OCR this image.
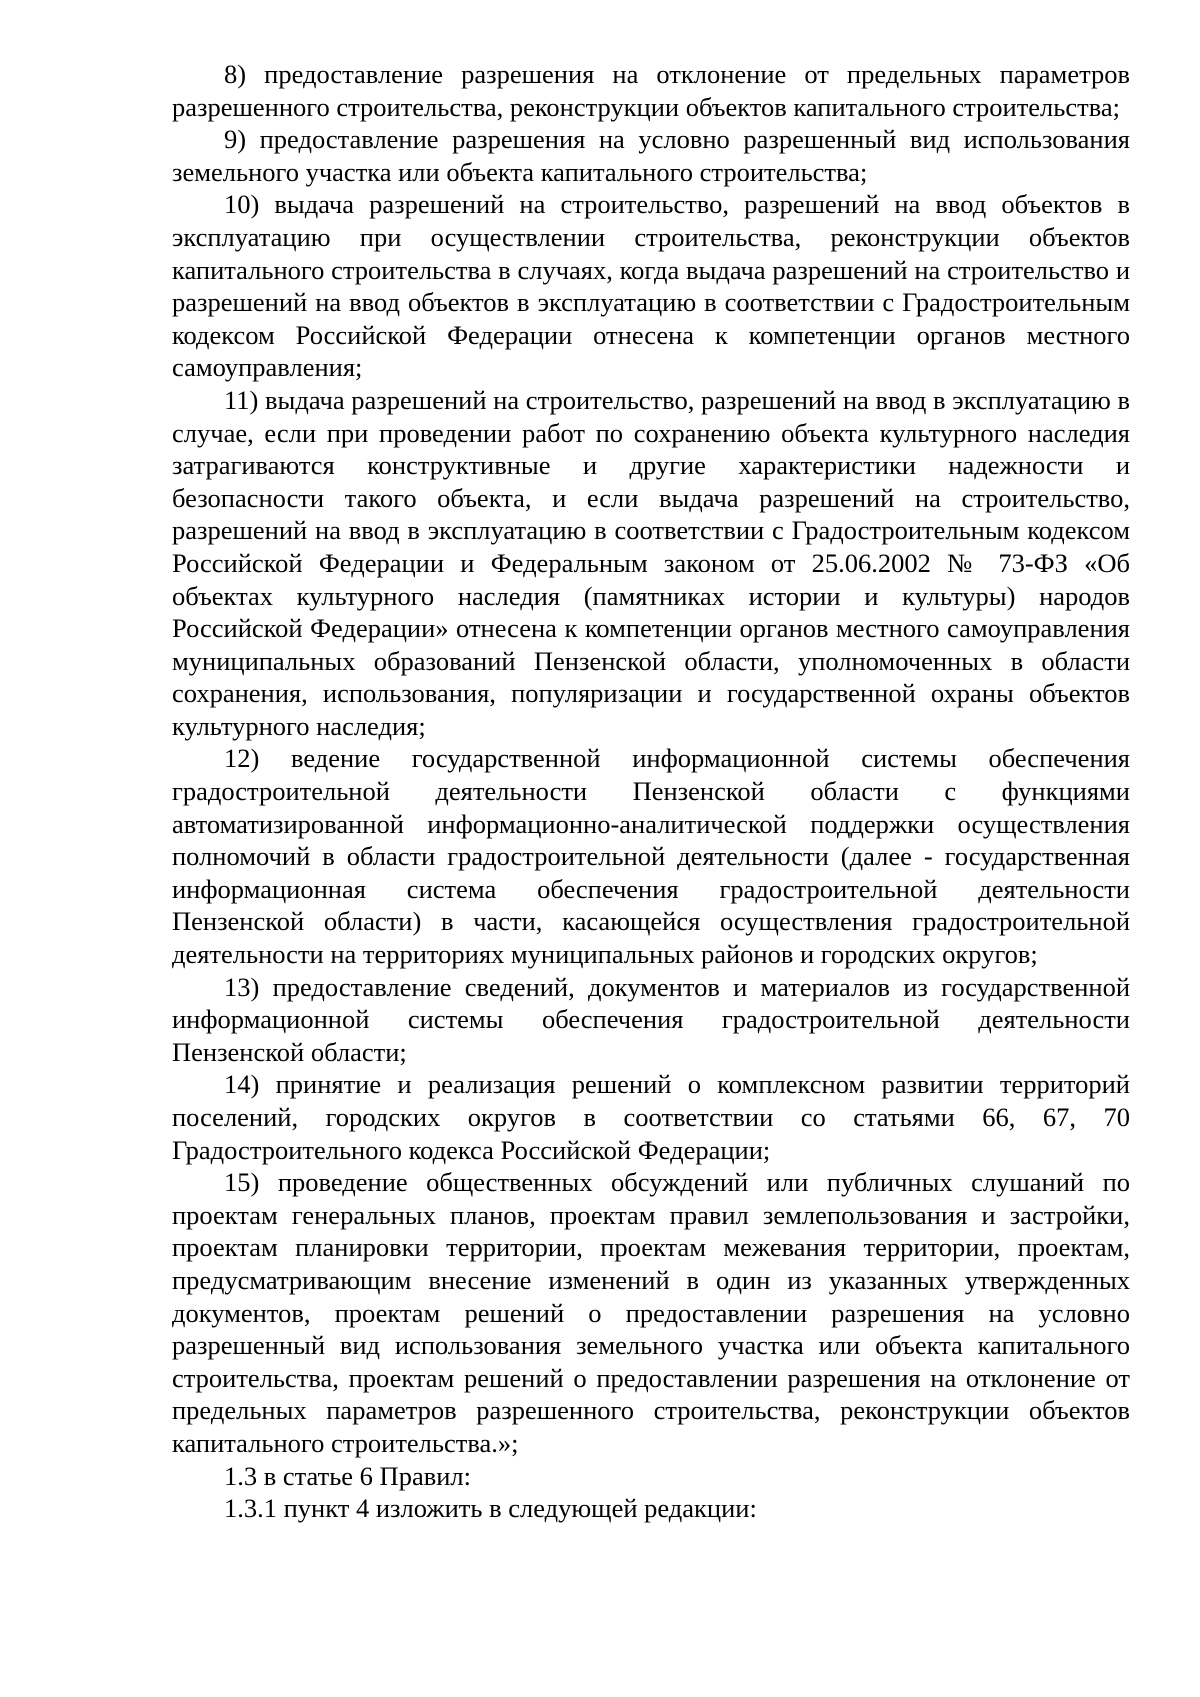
8) предоставление разрешения на отклонение от предельных параметров разрешенного строительства, реконструкции объектов капитального строительства;

9) предоставление разрешения на условно разрешенный вид использования земельного участка или объекта капитального строительства;

10) выдача разрешений на строительство, разрешений на ввод объектов в эксплуатацию при осуществлении строительства, реконструкции объектов капитального строительства в случаях, когда выдача разрешений на строительство и разрешений на ввод объектов в эксплуатацию в соответствии с Градостроительным кодексом Российской Федерации отнесена к компетенции органов местного самоуправления;

11) выдача разрешений на строительство, разрешений на ввод в эксплуатацию в случае, если при проведении работ по сохранению объекта культурного наследия затрагиваются конструктивные и другие характеристики надежности и безопасности такого объекта, и если выдача разрешений на строительство, разрешений на ввод в эксплуатацию в соответствии с Градостроительным кодексом Российской Федерации и Федеральным законом от 25.06.2002 № 73-ФЗ «Об объектах культурного наследия (памятниках истории и культуры) народов Российской Федерации» отнесена к компетенции органов местного самоуправления муниципальных образований Пензенской области, уполномоченных в области сохранения, использования, популяризации и государственной охраны объектов культурного наследия;

12) ведение государственной информационной системы обеспечения градостроительной деятельности Пензенской области с функциями автоматизированной информационно-аналитической поддержки осуществления полномочий в области градостроительной деятельности (далее - государственная информационная система обеспечения градостроительной деятельности Пензенской области) в части, касающейся осуществления градостроительной деятельности на территориях муниципальных районов и городских округов;

13) предоставление сведений, документов и материалов из государственной информационной системы обеспечения градостроительной деятельности Пензенской области;

14) принятие и реализация решений о комплексном развитии территорий поселений, городских округов в соответствии со статьями 66, 67, 70 Градостроительного кодекса Российской Федерации;

15) проведение общественных обсуждений или публичных слушаний по проектам генеральных планов, проектам правил землепользования и застройки, проектам планировки территории, проектам межевания территории, проектам, предусматривающим внесение изменений в один из указанных утвержденных документов, проектам решений о предоставлении разрешения на условно разрешенный вид использования земельного участка или объекта капитального строительства, проектам решений о предоставлении разрешения на отклонение от предельных параметров разрешенного строительства, реконструкции объектов капитального строительства.»;

1.3 в статье 6 Правил:

1.3.1 пункт 4 изложить в следующей редакции:
